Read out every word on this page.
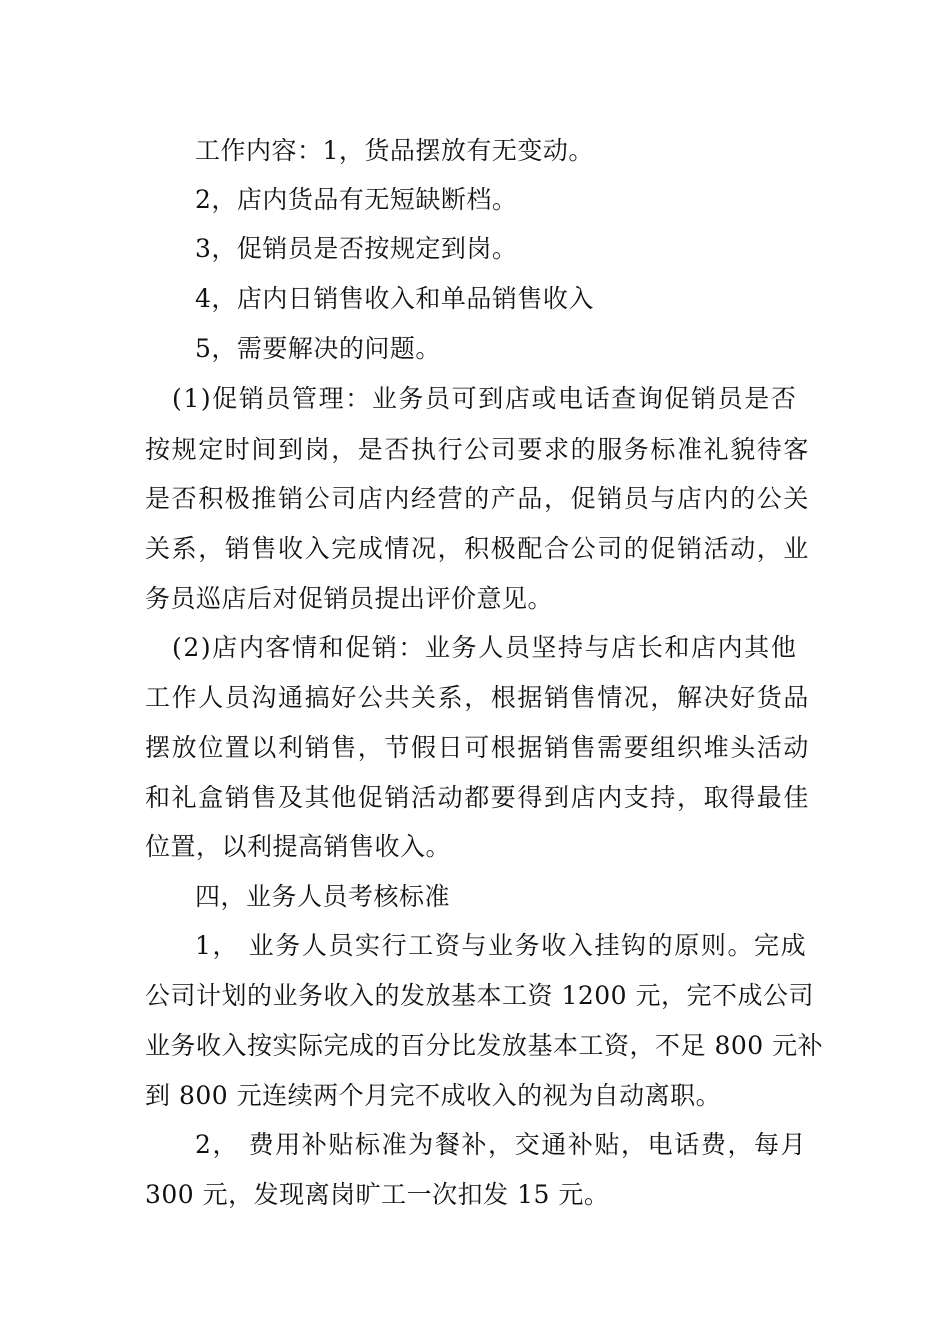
工作内容：1，货品摆放有无变动。
2，店内货品有无短缺断档。
3，促销员是否按规定到岗。
4，店内日销售收入和单品销售收入
5，需要解决的问题。
(1)促销员管理：业务员可到店或电话查询促销员是否
按规定时间到岗，是否执行公司要求的服务标准礼貌待客
是否积极推销公司店内经营的产品，促销员与店内的公关
关系，销售收入完成情况，积极配合公司的促销活动，业
务员巡店后对促销员提出评价意见。
(2)店内客情和促销：业务人员坚持与店长和店内其他
工作人员沟通搞好公共关系，根据销售情况，解决好货品
摆放位置以利销售，节假日可根据销售需要组织堆头活动
和礼盒销售及其他促销活动都要得到店内支持，取得最佳
位置，以利提高销售收入。
四，业务人员考核标准
1， 业务人员实行工资与业务收入挂钩的原则。完成
公司计划的业务收入的发放基本工资 1200 元，完不成公司
业务收入按实际完成的百分比发放基本工资，不足 800 元补
到 800 元连续两个月完不成收入的视为自动离职。
2， 费用补贴标准为餐补，交通补贴，电话费，每月
300 元，发现离岗旷工一次扣发 15 元。
